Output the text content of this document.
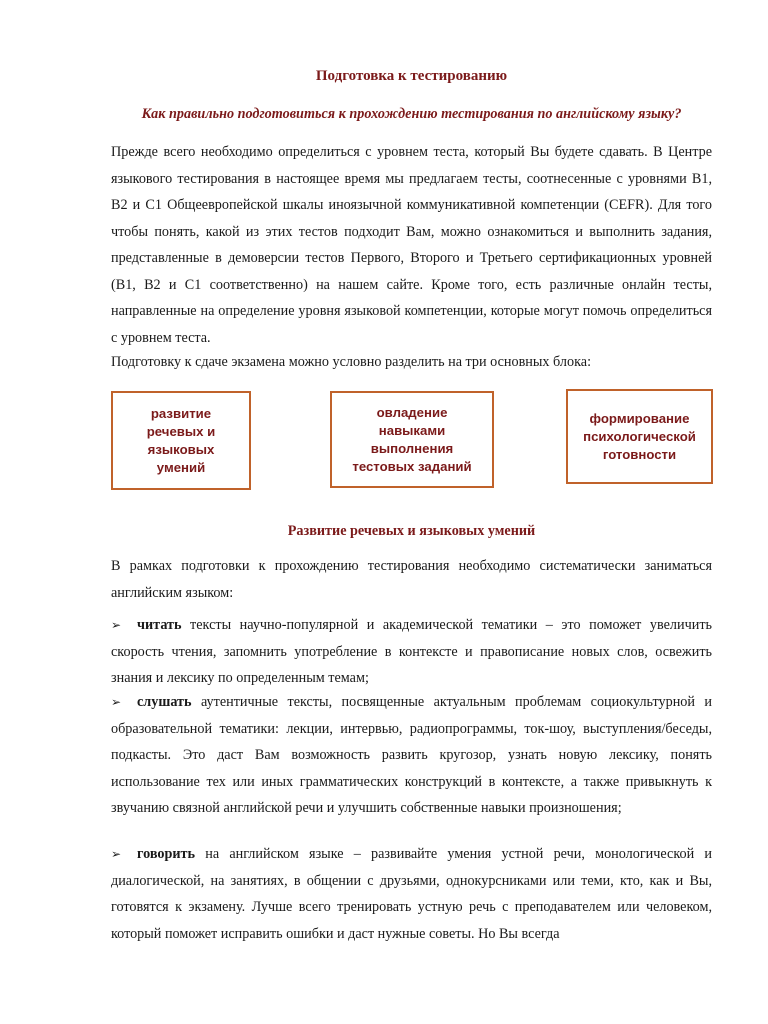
Подготовка к тестированию
Как правильно подготовиться к прохождению тестирования по английскому языку?

Прежде всего необходимо определиться с уровнем теста, который Вы будете сдавать. В Центре языкового тестирования в настоящее время мы предлагаем тесты, соотнесенные с уровнями B1, B2 и C1 Общеевропейской шкалы иноязычной коммуникативной компетенции (CEFR). Для того чтобы понять, какой из этих тестов подходит Вам, можно ознакомиться и выполнить задания, представленные в демоверсии тестов Первого, Второго и Третьего сертификационных уровней (B1, B2 и C1 соответственно) на нашем сайте. Кроме того, есть различные онлайн тесты, направленные на определение уровня языковой компетенции, которые могут помочь определиться с уровнем теста.

Подготовку к сдаче экзамена можно условно разделить на три основных блока:

развитие речевых и языковых умений
овладение навыками выполнения тестовых заданий
формирование психологической готовности
Развитие речевых и языковых умений

В рамках подготовки к прохождению тестирования необходимо систематически заниматься английским языком:

➢ читать тексты научно-популярной и академической тематики – это поможет увеличить скорость чтения, запомнить употребление в контексте и правописание новых слов, освежить знания и лексику по определенным темам;

➢ слушать аутентичные тексты, посвященные актуальным проблемам социокультурной и образовательной тематики: лекции, интервью, радиопрограммы, ток-шоу, выступления/беседы, подкасты. Это даст Вам возможность развить кругозор, узнать новую лексику, понять использование тех или иных грамматических конструкций в контексте, а также привыкнуть к звучанию связной английской речи и улучшить собственные навыки произношения;

➢ говорить на английском языке – развивайте умения устной речи, монологической и диалогической, на занятиях, в общении с друзьями, однокурсниками или теми, кто, как и Вы, готовятся к экзамену. Лучше всего тренировать устную речь с преподавателем или человеком, который поможет исправить ошибки и даст нужные советы. Но Вы всегда
